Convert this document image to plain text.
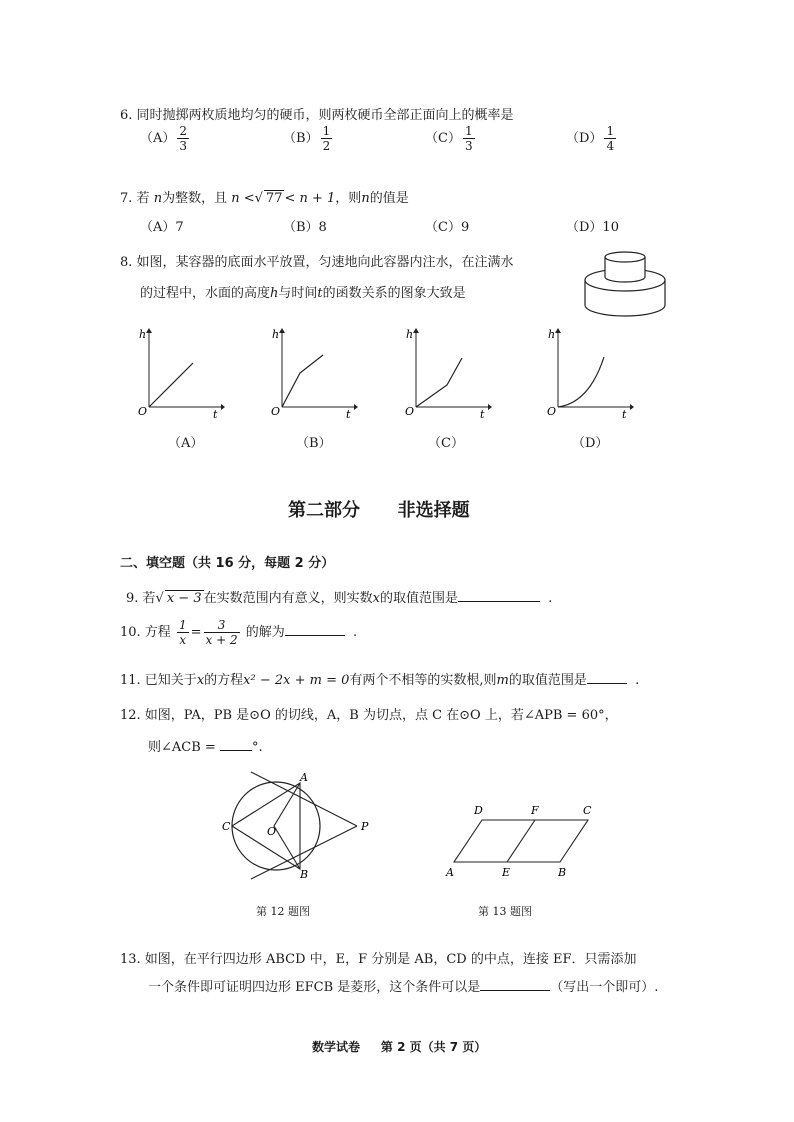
6. 同时抛掷两枚质地均匀的硬币，则两枚硬币全部正面向上的概率是
$(A) \frac{2}{3}$	$(B) \frac{1}{2}$	$(C) \frac{1}{3}$	$(D) \frac{1}{4}$
7. 若 n为整数，且 n <√ 77 < n + 1，则n的值是
（A）7	（B）8	（C）9	（D）10
8. 如图，某容器的底面水平放置，匀速地向此容器内注水，在注满水
的过程中，水面的高度h与时间t的函数关系的图象大致是
h
t
O
h
t
O
h
t
O
h
t
O
（A）	（B）	（C）	（D）
第二部分      非选择题
二、填空题（共 16 分，每题 2 分）
9. 若√ x − 3 在实数范围内有意义，则实数x的取值范围是	.
10. 方程 $\frac{1}{x} = \frac{3}{x + 2}$ 的解为	.
11. 已知关于x的方程x² − 2x + m = 0有两个不相等的实数根,则m的取值范围是	.
12. 如图，PA，PB 是⊙O 的切线，A，B 为切点，点 C 在⊙O 上，若∠APB = 60°，
则∠ACB =	°.
A
B
C	O	P
第 12 题图
D	F	C
A	E	B
第 13 题图
13. 如图，在平行四边形 ABCD 中，E，F 分别是 AB，CD 的中点，连接 EF．只需添加
一个条件即可证明四边形 EFCB 是菱形，这个条件可以是	（写出一个即可）.
数学试卷     第 2 页（共 7 页）
